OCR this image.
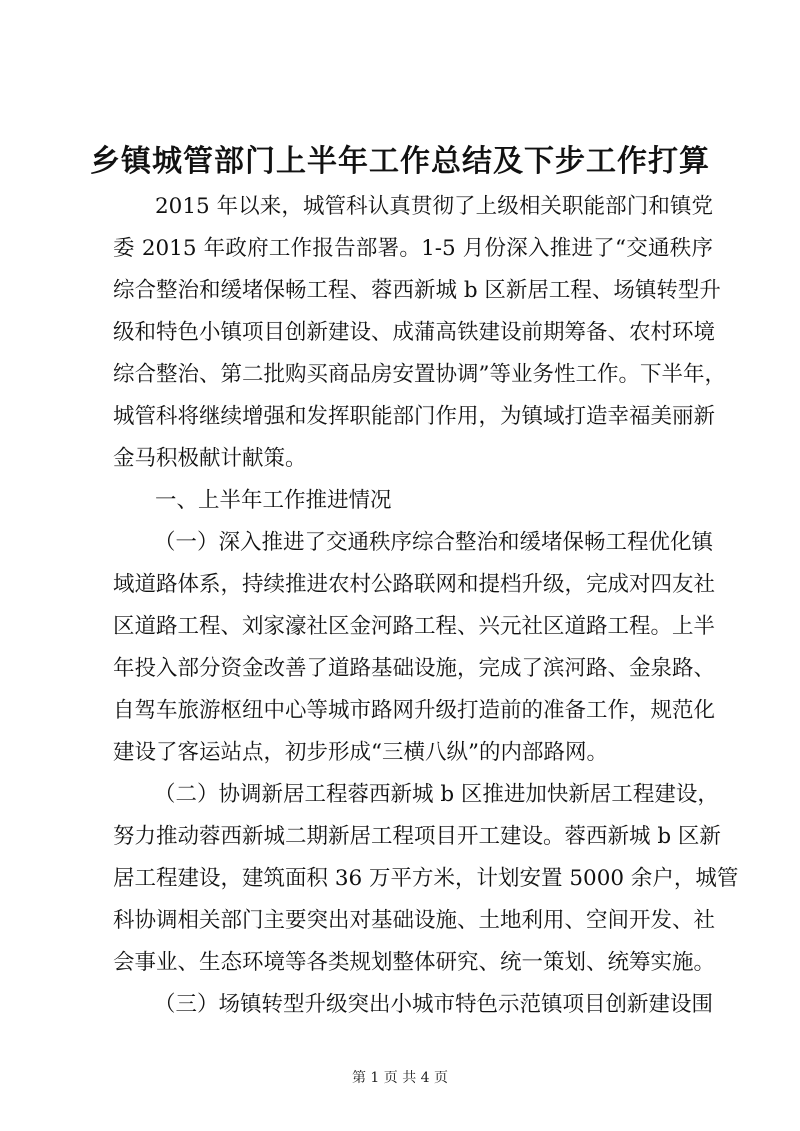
乡镇城管部门上半年工作总结及下步工作打算

2015 年以来，城管科认真贯彻了上级相关职能部门和镇党

委 2015 年政府工作报告部署。1-5 月份深入推进了“交通秩序

综合整治和缓堵保畅工程、蓉西新城 b 区新居工程、场镇转型升

级和特色小镇项目创新建设、成蒲高铁建设前期筹备、农村环境

综合整治、第二批购买商品房安置协调”等业务性工作。下半年，

城管科将继续增强和发挥职能部门作用，为镇域打造幸福美丽新

金马积极献计献策。

一、上半年工作推进情况

（一）深入推进了交通秩序综合整治和缓堵保畅工程优化镇

域道路体系，持续推进农村公路联网和提档升级，完成对四友社

区道路工程、刘家濠社区金河路工程、兴元社区道路工程。上半

年投入部分资金改善了道路基础设施，完成了滨河路、金泉路、

自驾车旅游枢纽中心等城市路网升级打造前的准备工作，规范化

建设了客运站点，初步形成“三横八纵”的内部路网。

（二）协调新居工程蓉西新城 b 区推进加快新居工程建设，

努力推动蓉西新城二期新居工程项目开工建设。蓉西新城 b 区新

居工程建设，建筑面积 36 万平方米，计划安置 5000 余户，城管

科协调相关部门主要突出对基础设施、土地利用、空间开发、社

会事业、生态环境等各类规划整体研究、统一策划、统筹实施。

（三）场镇转型升级突出小城市特色示范镇项目创新建设围

第 1 页 共 4 页
